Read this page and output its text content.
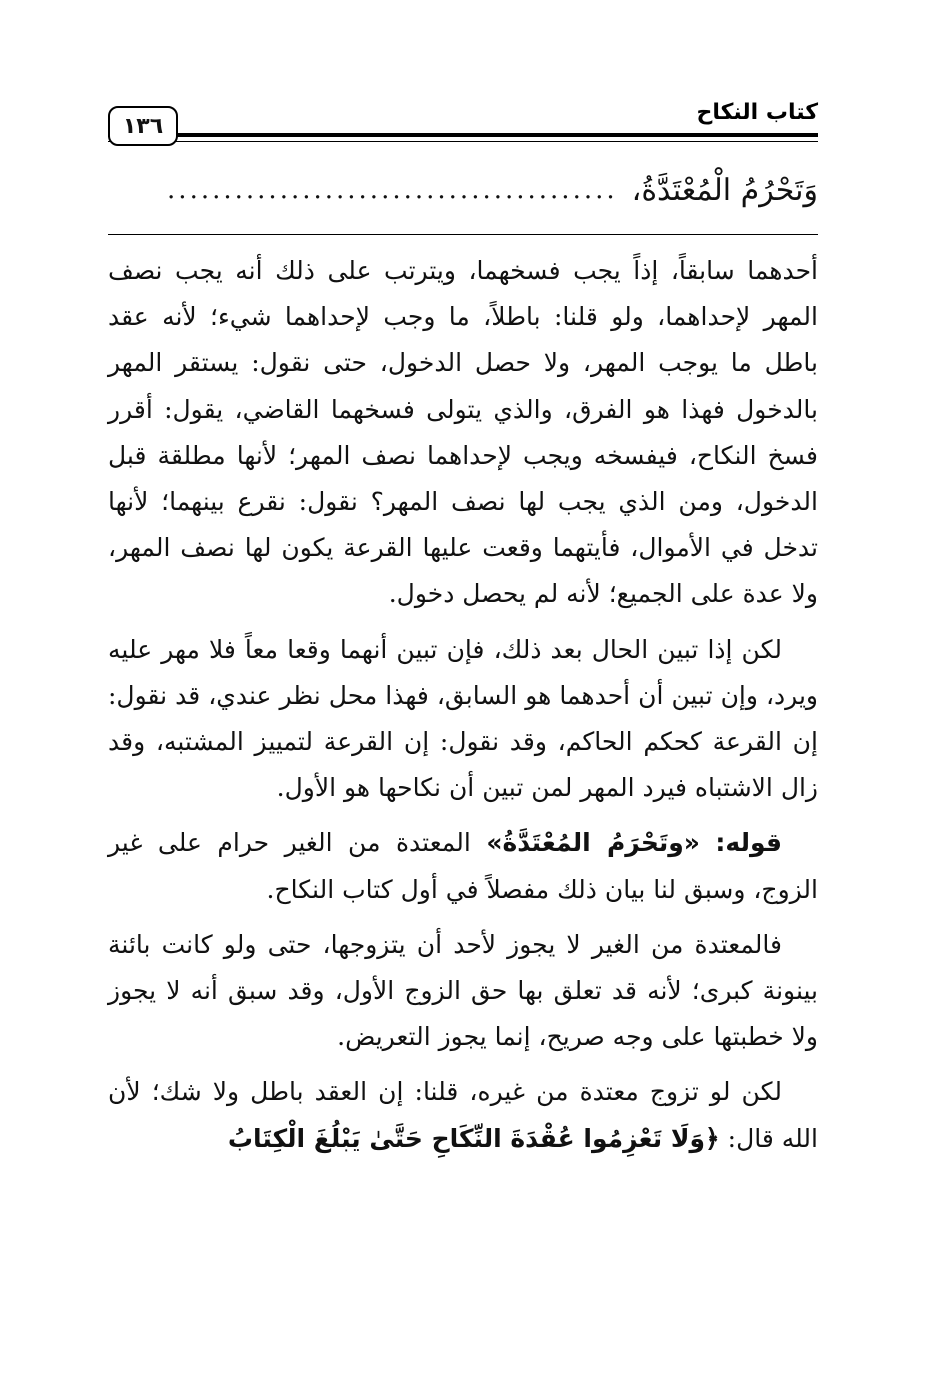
١٣٦
كتاب النكاح
وَتَحْرُمُ الْمُعْتَدَّةُ،
........................................

أحدهما سابقاً، إذاً يجب فسخهما، ويترتب على ذلك أنه يجب نصف المهر لإحداهما، ولو قلنا: باطلاً، ما وجب لإحداهما شيء؛ لأنه عقد باطل ما يوجب المهر، ولا حصل الدخول، حتى نقول: يستقر المهر بالدخول فهذا هو الفرق، والذي يتولى فسخهما القاضي، يقول: أقرر فسخ النكاح، فيفسخه ويجب لإحداهما نصف المهر؛ لأنها مطلقة قبل الدخول، ومن الذي يجب لها نصف المهر؟ نقول: نقرع بينهما؛ لأنها تدخل في الأموال، فأيتهما وقعت عليها القرعة يكون لها نصف المهر، ولا عدة على الجميع؛ لأنه لم يحصل دخول.

لكن إذا تبين الحال بعد ذلك، فإن تبين أنهما وقعا معاً فلا مهر عليه ويرد، وإن تبين أن أحدهما هو السابق، فهذا محل نظر عندي، قد نقول: إن القرعة كحكم الحاكم، وقد نقول: إن القرعة لتمييز المشتبه، وقد زال الاشتباه فيرد المهر لمن تبين أن نكاحها هو الأول.

قوله: «وتَحْرَمُ المُعْتَدَّةُ» المعتدة من الغير حرام على غير الزوج، وسبق لنا بيان ذلك مفصلاً في أول كتاب النكاح.

فالمعتدة من الغير لا يجوز لأحد أن يتزوجها، حتى ولو كانت بائنة بينونة كبرى؛ لأنه قد تعلق بها حق الزوج الأول، وقد سبق أنه لا يجوز ولا خطبتها على وجه صريح، إنما يجوز التعريض.

لكن لو تزوج معتدة من غيره، قلنا: إن العقد باطل ولا شك؛ لأن الله قال: ﴿وَلَا تَعْزِمُوا عُقْدَةَ النِّكَاحِ حَتَّىٰ يَبْلُغَ الْكِتَابُ
